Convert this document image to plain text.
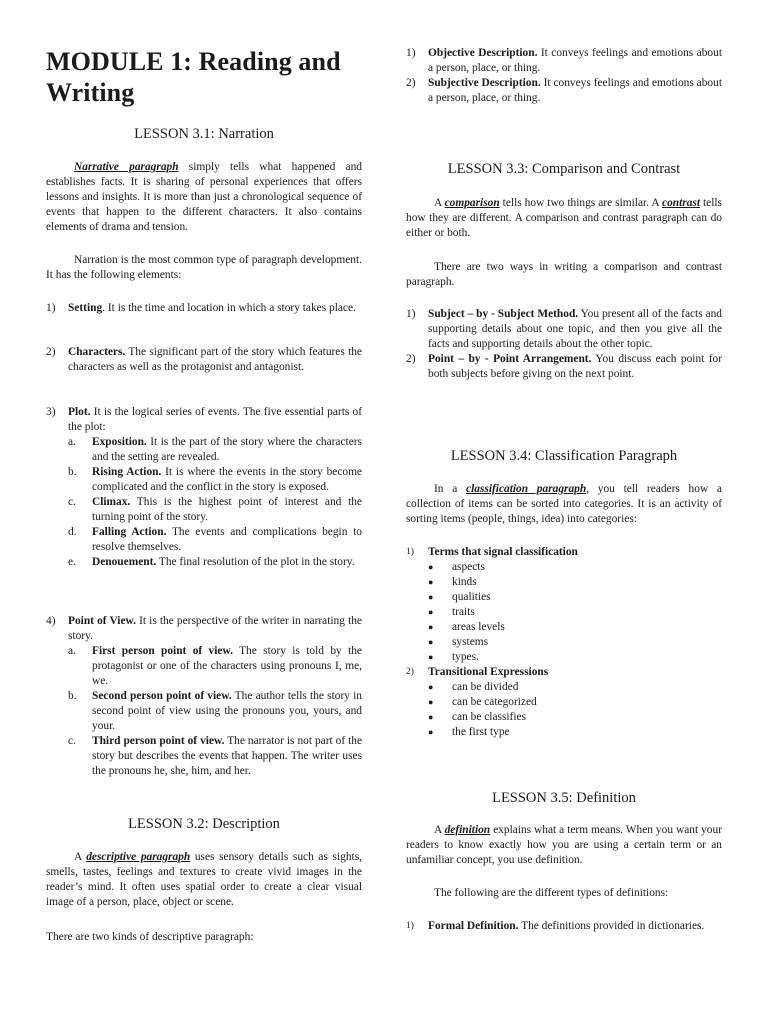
MODULE 1: Reading and Writing
LESSON 3.1: Narration

Narrative paragraph simply tells what happened and establishes facts. It is sharing of personal experiences that offers lessons and insights. It is more than just a chronological sequence of events that happen to the different characters. It also contains elements of drama and tension.

Narration is the most common type of paragraph development. It has the following elements:

1)	Setting. It is the time and location in which a story takes place.
2)	Characters. The significant part of the story which features the characters as well as the protagonist and antagonist.
3)	Plot. It is the logical series of events. The five essential parts of the plot:
a.	Exposition. It is the part of the story where the characters and the setting are revealed.
b.	Rising Action. It is where the events in the story become complicated and the conflict in the story is exposed.
c.	Climax. This is the highest point of interest and the turning point of the story.
d.	Falling Action. The events and complications begin to resolve themselves.
e.	Denouement. The final resolution of the plot in the story.
4)	Point of View. It is the perspective of the writer in narrating the story.
a.	First person point of view. The story is told by the protagonist or one of the characters using pronouns I, me, we.
b.	Second person point of view. The author tells the story in second point of view using the pronouns you, yours, and your.
c.	Third person point of view. The narrator is not part of the story but describes the events that happen. The writer uses the pronouns he, she, him, and her.
LESSON 3.2: Description

A descriptive paragraph uses sensory details such as sights, smells, tastes, feelings and textures to create vivid images in the reader’s mind. It often uses spatial order to create a clear visual image of a person, place, object or scene.

There are two kinds of descriptive paragraph:

1)	Objective Description. It conveys feelings and emotions about a person, place, or thing.
2)	Subjective Description. It conveys feelings and emotions about a person, place, or thing.
LESSON 3.3: Comparison and Contrast

A comparison tells how two things are similar. A contrast tells how they are different. A comparison and contrast paragraph can do either or both.

There are two ways in writing a comparison and contrast paragraph.

1)	Subject – by - Subject Method. You present all of the facts and supporting details about one topic, and then you give all the facts and supporting details about the other topic.
2)	Point – by - Point Arrangement. You discuss each point for both subjects before giving on the next point.
LESSON 3.4: Classification Paragraph

In a classification paragraph, you tell readers how a collection of items can be sorted into categories. It is an activity of sorting items (people, things, idea) into categories:

1)	Terms that signal classification
●	aspects
●	kinds
●	qualities
●	traits
●	areas levels
●	systems
●	types.
2)	Transitional Expressions
●	can be divided
●	can be categorized
●	can be classifies
●	the first type
LESSON 3.5: Definition

A definition explains what a term means. When you want your readers to know exactly how you are using a certain term or an unfamiliar concept, you use definition.

The following are the different types of definitions:

1)	Formal Definition. The definitions provided in dictionaries.
